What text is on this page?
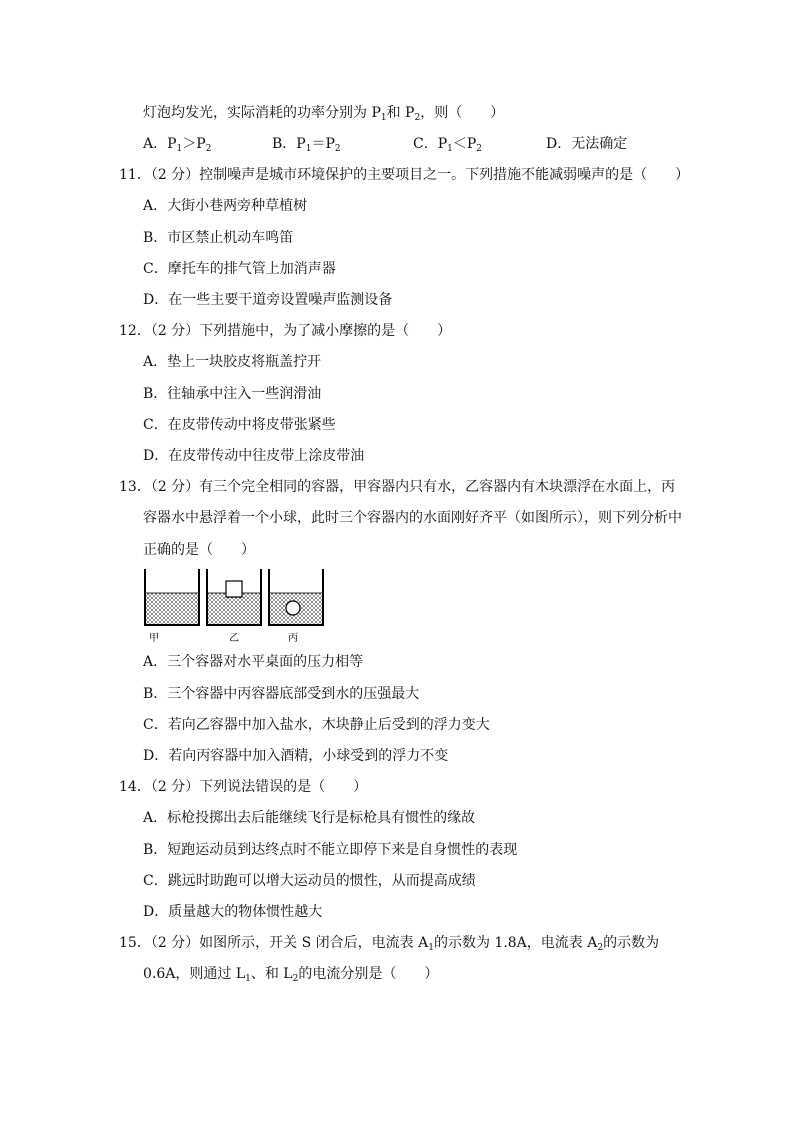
灯泡均发光，实际消耗的功率分别为 $P_1$和 $P_2$，则（　　）
A．$P_1>P_2$	B．$P_1=P_2$	C．$P_1<P_2$	D．无法确定
11．（2 分）控制噪声是城市环境保护的主要项目之一。下列措施不能减弱噪声的是（　　）
A．大街小巷两旁种草植树
B．市区禁止机动车鸣笛
C．摩托车的排气管上加消声器
D．在一些主要干道旁设置噪声监测设备
12．（2 分）下列措施中，为了减小摩擦的是（　　）
A．垫上一块胶皮将瓶盖拧开
B．往轴承中注入一些润滑油
C．在皮带传动中将皮带张紧些
D．在皮带传动中往皮带上涂皮带油
13．（2 分）有三个完全相同的容器，甲容器内只有水，乙容器内有木块漂浮在水面上，丙
容器水中悬浮着一个小球，此时三个容器内的水面刚好齐平（如图所示），则下列分析中
正确的是（　　）
甲	乙	丙
A．三个容器对水平桌面的压力相等
B．三个容器中丙容器底部受到水的压强最大
C．若向乙容器中加入盐水，木块静止后受到的浮力变大
D．若向丙容器中加入酒精，小球受到的浮力不变
14．（2 分）下列说法错误的是（　　）
A．标枪投掷出去后能继续飞行是标枪具有惯性的缘故
B．短跑运动员到达终点时不能立即停下来是自身惯性的表现
C．跳远时助跑可以增大运动员的惯性，从而提高成绩
D．质量越大的物体惯性越大
15．（2 分）如图所示，开关 S 闭合后，电流表 $A_1$的示数为 1.8A，电流表 $A_2$的示数为
0.6A，则通过 $L_1$、和 $L_2$的电流分别是（　　）
